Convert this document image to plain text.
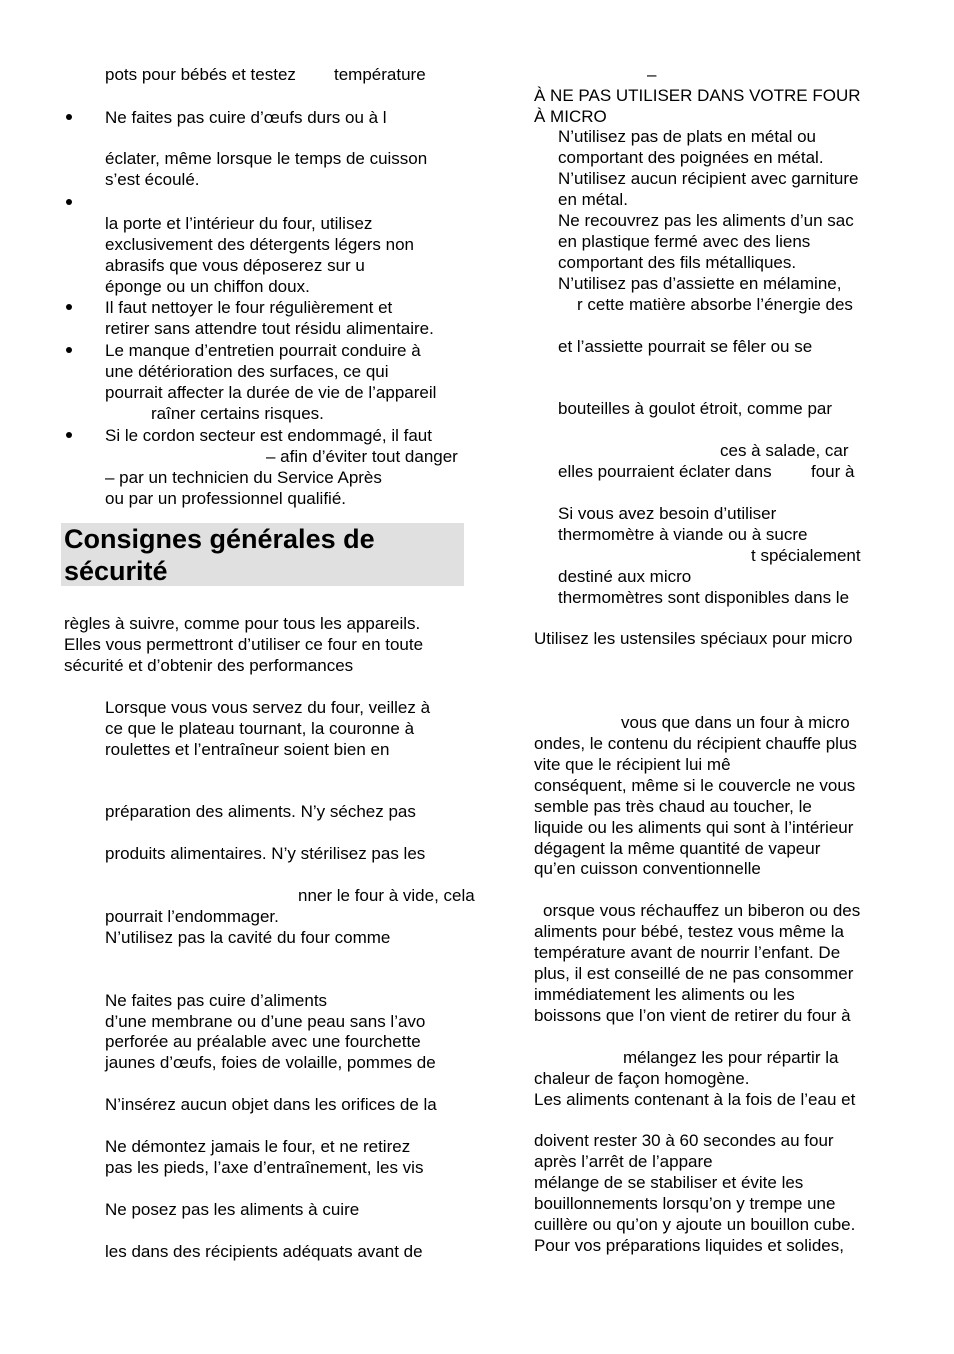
pots pour bébés et testez température
Ne faites pas cuire d’œufs durs ou à l
éclater, même lorsque le temps de cuisson
s’est écoulé.
la porte et l’intérieur du four, utilisez
exclusivement des détergents légers non
abrasifs que vous déposerez sur u
éponge ou un chiffon doux.
Il faut nettoyer le four régulièrement et
retirer sans attendre tout résidu alimentaire.
Le manque d’entretien pourrait conduire à
une détérioration des surfaces, ce qui
pourrait affecter la durée de vie de l’appareil
raîner certains risques.
Si le cordon secteur est endommagé, il faut
– afin d’éviter tout danger
– par un technicien du Service Après
ou par un professionnel qualifié.
Consignes générales de
sécurité
règles à suivre, comme pour tous les appareils.
Elles vous permettront d’utiliser ce four en toute
sécurité et d’obtenir des performances
Lorsque vous vous servez du four, veillez à
ce que le plateau tournant, la couronne à
roulettes et l’entraîneur soient bien en
préparation des aliments. N’y séchez pas
produits alimentaires. N’y stérilisez pas les
nner le four à vide, cela
pourrait l’endommager.
N’utilisez pas la cavité du four comme
Ne faites pas cuire d’aliments
d’une membrane ou d’une peau sans l’avo
perforée au préalable avec une fourchette
jaunes d’œufs, foies de volaille, pommes de
N’insérez aucun objet dans les orifices de la
Ne démontez jamais le four, et ne retirez
pas les pieds, l’axe d’entraînement, les vis
Ne posez pas les aliments à cuire
les dans des récipients adéquats avant de
–
À NE PAS UTILISER DANS VOTRE FOUR
À MICRO
N’utilisez pas de plats en métal ou
comportant des poignées en métal.
N’utilisez aucun récipient avec garniture
en métal.
Ne recouvrez pas les aliments d’un sac
en plastique fermé avec des liens
comportant des fils métalliques.
N’utilisez pas d’assiette en mélamine,
r cette matière absorbe l’énergie des
et l’assiette pourrait se fêler ou se
bouteilles à goulot étroit, comme par
ces à salade, car
elles pourraient éclater dans four à
Si vous avez besoin d’utiliser
thermomètre à viande ou à sucre
t spécialement
destiné aux micro
thermomètres sont disponibles dans le
Utilisez les ustensiles spéciaux pour micro
vous que dans un four à micro
ondes, le contenu du récipient chauffe plus
vite que le récipient lui mê
conséquent, même si le couvercle ne vous
semble pas très chaud au toucher, le
liquide ou les aliments qui sont à l’intérieur
dégagent la même quantité de vapeur
qu’en cuisson conventionnelle
orsque vous réchauffez un biberon ou des
aliments pour bébé, testez vous même la
température avant de nourrir l’enfant. De
plus, il est conseillé de ne pas consommer
immédiatement les aliments ou les
boissons que l’on vient de retirer du four à
mélangez les pour répartir la
chaleur de façon homogène.
Les aliments contenant à la fois de l’eau et
doivent rester 30 à 60 secondes au four
après l’arrêt de l’appare
mélange de se stabiliser et évite les
bouillonnements lorsqu’on y trempe une
cuillère ou qu’on y ajoute un bouillon cube.
Pour vos préparations liquides et solides,
